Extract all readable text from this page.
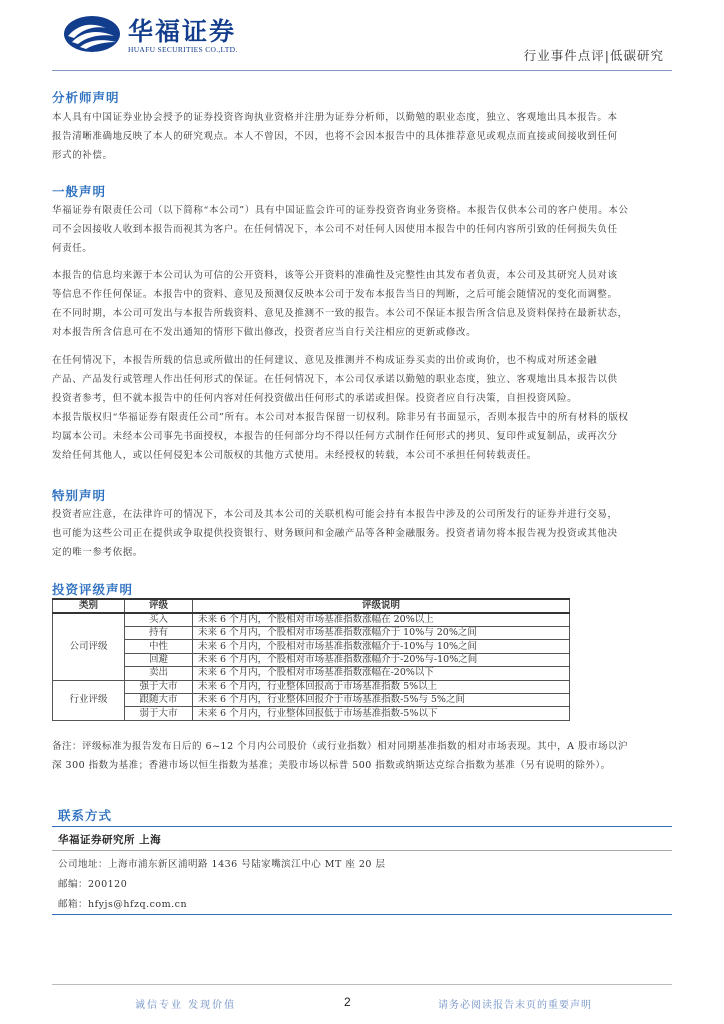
华福证券
HUAFU SECURITIES CO.,LTD.	行业事件点评|低碳研究
分析师声明
本人具有中国证券业协会授予的证券投资咨询执业资格并注册为证券分析师，以勤勉的职业态度，独立、客观地出具本报告。本
报告清晰准确地反映了本人的研究观点。本人不曾因，不因，也将不会因本报告中的具体推荐意见或观点而直接或间接收到任何
形式的补偿。
一般声明
华福证券有限责任公司（以下简称“本公司”）具有中国证监会许可的证券投资咨询业务资格。本报告仅供本公司的客户使用。本公
司不会因接收人收到本报告而视其为客户。在任何情况下，本公司不对任何人因使用本报告中的任何内容所引致的任何损失负任
何责任。
本报告的信息均来源于本公司认为可信的公开资料，该等公开资料的准确性及完整性由其发布者负责，本公司及其研究人员对该
等信息不作任何保证。本报告中的资料、意见及预测仅反映本公司于发布本报告当日的判断，之后可能会随情况的变化而调整。
在不同时期，本公司可发出与本报告所载资料、意见及推测不一致的报告。本公司不保证本报告所含信息及资料保持在最新状态，
对本报告所含信息可在不发出通知的情形下做出修改，投资者应当自行关注相应的更新或修改。
在任何情况下，本报告所载的信息或所做出的任何建议、意见及推测并不构成证券买卖的出价或询价，也不构成对所述金融
产品、产品发行或管理人作出任何形式的保证。在任何情况下，本公司仅承诺以勤勉的职业态度，独立、客观地出具本报告以供
投资者参考，但不就本报告中的任何内容对任何投资做出任何形式的承诺或担保。投资者应自行决策，自担投资风险。
本报告版权归“华福证券有限责任公司”所有。本公司对本报告保留一切权利。除非另有书面显示，否则本报告中的所有材料的版权
均属本公司。未经本公司事先书面授权，本报告的任何部分均不得以任何方式制作任何形式的拷贝、复印件或复制品，或再次分
发给任何其他人，或以任何侵犯本公司版权的其他方式使用。未经授权的转载，本公司不承担任何转载责任。
特别声明
投资者应注意，在法律许可的情况下，本公司及其本公司的关联机构可能会持有本报告中涉及的公司所发行的证券并进行交易，
也可能为这些公司正在提供或争取提供投资银行、财务顾问和金融产品等各种金融服务。投资者请勿将本报告视为投资或其他决
定的唯一参考依据。
投资评级声明
类别	评级	评级说明
公司评级	买入	未来 6 个月内，个股相对市场基准指数涨幅在 20%以上
	持有	未来 6 个月内，个股相对市场基准指数涨幅介于 10%与 20%之间
	中性	未来 6 个月内，个股相对市场基准指数涨幅介于-10%与 10%之间
	回避	未来 6 个月内，个股相对市场基准指数涨幅介于-20%与-10%之间
	卖出	未来 6 个月内，个股相对市场基准指数涨幅在-20%以下
行业评级	强于大市	未来 6 个月内，行业整体回报高于市场基准指数 5%以上
	跟随大市	未来 6 个月内，行业整体回报介于市场基准指数-5%与 5%之间
	弱于大市	未来 6 个月内，行业整体回报低于市场基准指数-5%以下
备注：评级标准为报告发布日后的 6~12 个月内公司股价（或行业指数）相对同期基准指数的相对市场表现。其中，A 股市场以沪
深 300 指数为基准；香港市场以恒生指数为基准；美股市场以标普 500 指数或纳斯达克综合指数为基准（另有说明的除外）。
联系方式
华福证券研究所 上海
公司地址：上海市浦东新区浦明路 1436 号陆家嘴滨江中心 MT 座 20 层
邮编：200120
邮箱：hfyjs@hfzq.com.cn
诚信专业 发现价值	2	请务必阅读报告末页的重要声明
